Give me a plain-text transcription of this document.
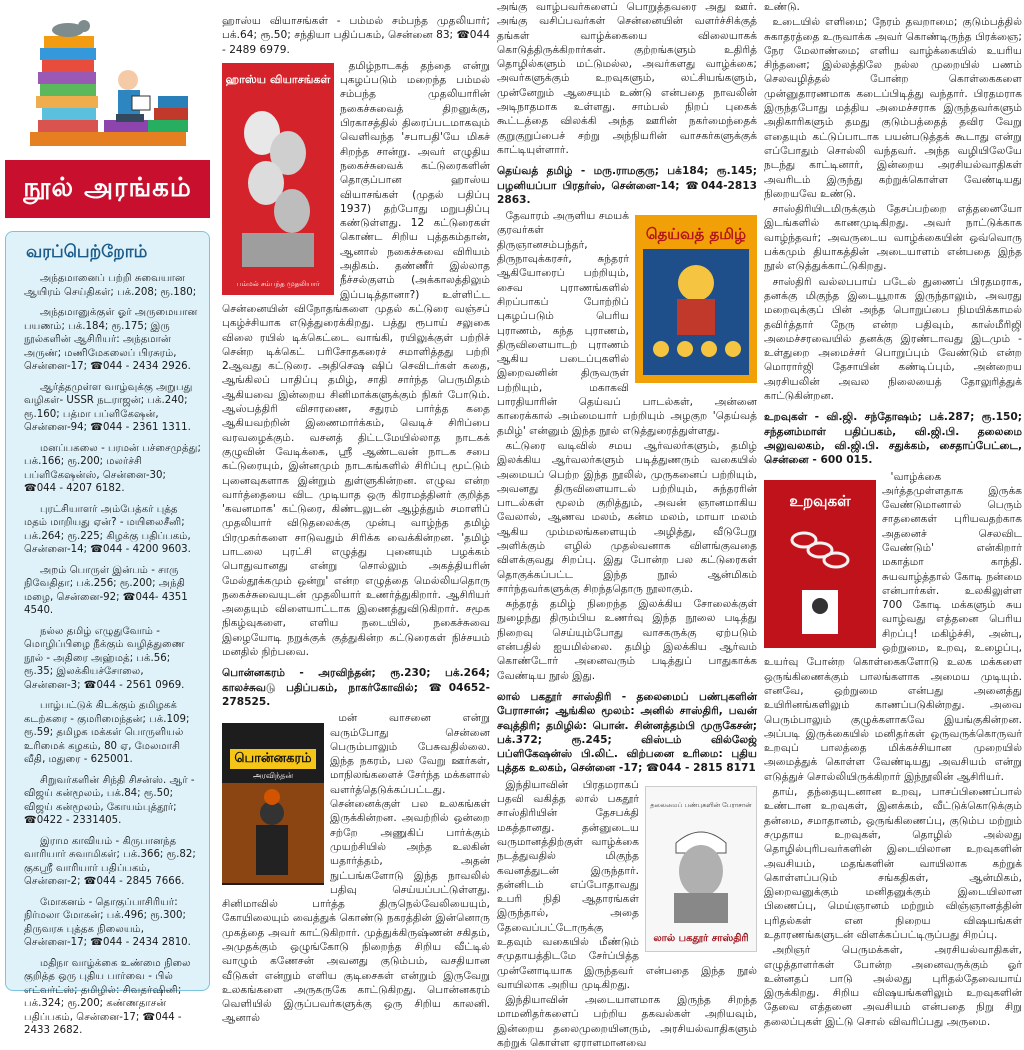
நூல் அரங்கம்
வரப்பெற்றோம்
அந்தமானைப் பற்றி சுவையான ஆயிரம் செய்திகள்; பக்.208; ரூ.180;
அந்தமானுக்குள் ஓர் அருமையான பயணம்; பக்.184; ரூ.175; இரு நூல்களின் ஆசிரியர்: அந்தமான் அருண்; மணிமேகலைப் பிரசுரம், சென்னை-17; ☎044 - 2434 2926.
ஆர்த்தமுள்ள வாழ்வுக்கு அறுபது வழிகள்- USSR நடராஜன்; பக்.240; ரூ.160; பத்மா பப்ளிகேஷன், சென்னை-94; ☎044 - 2361 1311.
மனப்பகலை - பரமன் பச்சைமுத்து; பக்.166; ரூ.200; மலர்ச்சி பப்ளிகேஷன்ஸ், சென்னை-30; ☎044 - 4207 6182.
புரட்சியாளர் அம்பேத்கர் புத்த மதம் மாறியது ஏன்? - மயிலைசீனி; பக்.264; ரூ.225; கிழக்கு பதிப்பகம், சென்னை-14; ☎044 - 4200 9603.
அறம் பொருள் இன்பம் - சாரு நிவேதிதா; பக்.256; ரூ.200; அந்தி மழை, சென்னை-92; ☎044- 4351 4540.
நல்ல தமிழ் எழுதுவோம் - மொழிப்பிழை நீக்கும் வழித்துணை நூல் - அதிரை அஹ்மத்; பக்.56; ரூ.35; இலக்கியச்சோலை, சென்னை-3; ☎044 - 2561 0969.
பாழ்பட்டுக் கிடக்கும் தமிழகக் கடற்கரை - குமரிமைந்தன்; பக்.109; ரூ.59; தமிழக மக்கள் பொருளியல் உரிமைக் கழகம், 80 ஏ, மேலமாசி வீதி, மதுரை - 625001.
சிறுவர்களின் சிந்தி சிசன்ஸ். ஆர் - விஜய் கன்மூலம், பக்.84; ரூ.50; விஜய் கன்மூலம், கோயம்புத்தூர்; ☎0422 - 2331405.
இராம காவியம் - கிருபானந்த வாரியார் சுவாமிகள்; பக்.366; ரூ.82; குகஸ்ரீ வாரியார் பதிப்பகம், சென்னை-2; ☎044 - 2845 7666.
மோகனம் - தொகுப்பாசிரியர்: நிர்மலா மோகன்; பக்.496; ரூ.300; திருவரசு புத்தக நிலையம், சென்னை-17; ☎044 - 2434 2810.
மதிநா வாழ்க்கை உண்மை நிலை குறித்த ஒரு புதிய பார்வை - பில் எட்வர்ட்ஸ்; தமிழில்: சிவதர்ஷினி; பக்.324; ரூ.200; கண்ணதாசன் பதிப்பகம், சென்னை-17; ☎044 - 2433 2682.
ஹாஸ்ய வியாசங்கள் - பம்மல் சம்பந்த முதலியார்; பக்.64; ரூ.50; சந்தியா பதிப்பகம், சென்னை 83; ☎044 - 2489 6979.
ஹாஸ்ய வியாசங்கள்
பம்மல் சம்பந்த முதலியார்
தமிழ்நாடகத் தந்தை என்று புகழப்படும் மறைந்த பம்மல் சம்பந்த முதலியாரின் நகைச்சுவைத் திறனுக்கு, பிரகாசத்தில் திரைப்படமாகவும் வெளிவந்த 'சபாபதி'யே மிகச் சிறந்த சான்று. அவர் எழுதிய நகைச்சுவைக் கட்டுரைகளின் தொகுப்பான ஹாஸ்ய வியாசங்கள் (முதல் பதிப்பு 1937) தற்போது மறுபதிப்பு கண்டுள்ளது. 12 கட்டுரைகள் கொண்ட சிறிய புத்தகம்தான், ஆனால் நகைச்சுவை விரியம் அதிகம். தண்ணீர் இல்லாத நீச்சல்குளம் (அக்காலத்திலும் இப்படித்தானா?) உள்ளிட்ட சென்னையின் விநோதங்களை முதல் கட்டுரை வஞ்சப் புகழ்ச்சியாக எடுத்துரைக்கிறது. பத்து ரூபாய் சலுகை விலை ரயில் டிக்கெட்டை வாங்கி, ரயிலுக்குள் பற்றிச் சென்ற டிக்கெட் பரிசோதகரைச் சமாளித்தது பற்றி 2ஆவது கட்டுரை. அதிசெஷ ஷிப் செவிடர்கள் கதை, ஆங்கிலப் பாதிப்பு தமிழ், சாதி சார்ந்த பெருமிதம் ஆகியவை இன்றைய சினிமாக்களுக்கும் நிகர் போடும். ஆஸ்பத்திரி விசாரணை, சதுரம் பார்த்த கதை ஆகியவற்றின் இணைமார்க்கம், வெடிச் சிரிப்பை வரவழைக்கும். வசனத் திட்டமேயில்லாத நாடகக் குழுவின் வேடிக்கை, ஸ்ரீ ஆண்டவன் நாடக சபை கட்டுரையும், இன்னமும் நாடகங்களில் சிரிப்பு மூட்டும் புனைவுகளாக இன்றும் துள்ளுகின்றன. எழுவ என்ற வார்த்தையை விட முடியாத ஒரு கிராமத்தினர் குறித்த 'கவனமாக' கட்டுரை, கிண்டலுடன் ஆழ்த்தும் சமாளிப் முதலியார் விடுதலைக்கு முன்பு வாழ்ந்த தமிழ் பிரமுகர்களை சாடுவதும் சிரிக்க வைக்கின்றன. 'தமிழ் பாடலை புரட்சி எழுத்து புனையும் பழக்கம் பொதுவானது என்று சொல்லும் அகத்தியரின் மேல்தூக்கமும் ஒன்று' என்ற எழுத்தை மெல்லியதொரு நகைச்சுவையுடன் முதலியார் உணர்த்துகிறார். ஆசிரியர் அதையும் விளையாட்டாக இணைத்துவிடுகிறார். சமூக நிகழ்வுகளை, எளிய நடையில், நகைச்சுவை இழையோடி நறுக்குக் குத்துகின்ற கட்டுரைகள் நிச்சயம் மனதில் நிற்பவை.
பொன்னகரம் - அரவிந்தன்; ரூ.230; பக்.264; காலச்சுவடு பதிப்பகம், நாகர்கோவில்; ☎04652-278525.
பொன்னகரம்
அரவிந்தன்
மன் வாசனை என்று வரும்போது சென்னை பெரும்பாலும் பேசுவதில்லை. இந்த நகரம், பல வேறு ஊர்கள், மாநிலங்களைச் சேர்ந்த மக்களால் வளர்த்தெடுக்கப்பட்டது. சென்னைக்குள் பல உலகங்கள் இருக்கின்றன. அவற்றில் ஒன்றை சற்றே அணுகிப் பார்க்கும் முயற்சியில் அந்த உலகின் யதார்த்தம், அதன் நுட்பங்களோடு இந்த நாவலில் பதிவு செய்யப்பட்டுள்ளது. சினிமாவில் பார்த்த திருநெல்வேலியையும், கோயிலையும் வைத்துக் கொண்டு நகரத்தின் இன்னொரு முகத்தை அவர் காட்டுகிறார். முத்துக்கிருஷ்ணன் சகிதம், அமுதக்கும் ஒழுங்கோடு நிறைந்த சிறிய வீட்டில் வாழும் கணேசன் அவனது குடும்பம், வசதியான வீடுகள் என்றும் எளிய குடிசைகள் என்றும் இருவேறு உலகங்களை அருகருகே காட்டுகிறது. பொன்னகரம் வெளியில் இருப்பவர்களுக்கு ஒரு சிறிய காலனி. ஆனால்
அங்கு வாழ்பவர்களைப் பொறுத்தவரை அது ஊர். அங்கு வசிப்பவர்கள் சென்னையின் வளர்ச்சிக்குத் தங்கள் வாழ்க்கையை விலையாகக் கொடுத்திருக்கிறார்கள். குற்றங்களும் உதிரித் தொழில்களும் மட்டுமல்ல, அவர்களது வாழ்க்கை; அவர்களுக்கும் உறவுகளும், லட்சியங்களும், முன்னேறும் ஆசையும் உண்டு என்பதை நாவலின் அடிநாதமாக உள்ளது. சாம்பல் நிறப் புகைக் கூட்டத்தை விலக்கி அந்த ஊரின் நகர்மைந்தைக் குறுகுறுப்பைச் சற்று அந்நியரின் வாசகர்களுக்குக் காட்டியுள்ளார்.
தெய்வத் தமிழ் - மரு.ராமகுரு; பக்184; ரூ.145; பழனியப்பா பிரதர்ஸ், சென்னை-14; ☎044-2813 2863.
தெய்வத் தமிழ்
தேவாரம் அருளிய சமயக் குரவர்கள் திருஞானசம்பந்தர், திருநாவுக்கரசர், சுந்தரர் ஆகியோரைப் பற்றியும், சைவ புராணங்களில் சிறப்பாகப் போற்றிப் புகழப்படும் பெரிய புராணம், கந்த புராணம், திருவிளையாடற் புராணம் ஆகிய படைப்புகளில் இறைவனின் திருவருள் பற்றியும், மகாகவி பாரதியாரின் தெய்வப் பாடல்கள், அன்னை காரைக்கால் அம்மையார் பற்றியும் அழகுற 'தெய்வத் தமிழ்' என்னும் இந்த நூல் எடுத்துரைத்துள்ளது.
கட்டுரை வடிவில் சமய ஆர்வலர்களும், தமிழ் இலக்கிய ஆர்வலர்களும் படித்துணரும் வகையில் அமையப் பெற்ற இந்த நூலில், முருகனைப் பற்றியும், அவனது திருவிளையாடல் பற்றியும், சுந்தரரின் பாடல்கள் மூலம் குறித்தும், அவன் ஞானமாகிய வேலால், ஆணவ மலம், கன்ம மலம், மாயா மலம் ஆகிய மும்மலங்களையும் அழித்து, வீடுபேறு அளிக்கும் எழில் முதல்வனாக விளங்குவதை விளக்குவது சிறப்பு. இது போன்ற பல கட்டுரைகள் தொகுக்கப்பட்ட இந்த நூல் ஆன்மிகம் சார்ந்தவர்களுக்கு சிறந்ததொரு நூலாகும்.
சுந்தரத் தமிழ் நிறைந்த இலக்கிய சோலைக்குள் நுழைந்து திரும்பிய உணர்வு இந்த நூலை படித்து நிறைவு செய்யும்போது வாசகருக்கு ஏற்படும் என்பதில் ஐயமில்லை. தமிழ் இலக்கிய ஆர்வம் கொண்டோர் அனைவரும் படித்துப் பாதுகாக்க வேண்டிய நூல் இது.
லால் பகதூர் சாஸ்திரி - தலைமைப் பண்புகளின் பேராசான்; ஆங்கில மூலம்: அனில் சாஸ்திரி, பவன் சவுத்திரி; தமிழில்: பொன். சின்னத்தம்பி முருகேசன்; பக்.372; ரூ.245; விஸ்டம் வில்லேஜ் பப்ளிகேஷன்ஸ் பி.லிட். விற்பனை உரிமை: புதிய புத்தக உலகம், சென்னை -17; ☎044 - 2815 8171
தலைமைப் பண்புகளின் பேராசான்
லால் பகதூர் சாஸ்திரி
இந்தியாவின் பிரதமராகப் பதவி வகித்த லால் பகதூர் சாஸ்திரியின் தேசபக்தி மகத்தானது. தன்னுடைய வருமானத்திற்குள் வாழ்க்கை நடத்துவதில் மிகுந்த கவனத்துடன் இருந்தார். தன்னிடம் எப்போதாவது உபரி நிதி ஆதாரங்கள் இருந்தால், அதை தேவைப்பட்டோருக்கு உதவும் வகையில் மீண்டும் சமுதாயத்திடமே சேர்ப்பித்த முன்னோடியாக இருந்தவர் என்பதை இந்த நூல் வாயிலாக அறிய முடிகிறது.
இந்தியாவின் அடையாளமாக இருந்த சிறந்த மாமனிதர்களைப் பற்றிய தகவல்கள் அறியவும், இன்றைய தலைமுறையினரும், அரசியல்வாதிகளும் கற்றுக் கொள்ள ஏராளமானவை
உண்டு.
உடையில் எளிமை; நேரம் தவறாமை; குடும்பத்தில் சுகாதரத்தை உருவாக்க அவர் கொண்டிருந்த பிரக்ஞை; நேர மேலாண்மை; எளிய வாழ்க்கையில் உயரிய சிந்தனை; இல்லத்திலே நல்ல முறையில் பணம் செலவழித்தல் போன்ற கொள்கைகளை முன்னுதாரணமாக கடைப்பிடித்து வந்தார். பிரதமராக இருந்தபோது மத்திய அமைச்சராக இருந்தவர்களும் அதிகாரிகளும் தமது குடும்பத்தைத் தவிர வேறு எதையும் கட்டுப்பாடாக பயன்படுத்தக் கூடாது என்று எப்போதும் சொல்லி வந்தவர். அந்த வழியிலேயே நடந்து காட்டினார், இன்றைய அரசியல்வாதிகள் அவரிடம் இருந்து கற்றுக்கொள்ள வேண்டியது நிறையவே உண்டு.
சாஸ்திரியிடமிருக்கும் தேசப்பற்றை எத்தனையோ இடங்களில் காணமுடிகிறது. அவர் நாட்டுக்காக வாழ்ந்தவர்; அவருடைய வாழ்க்கையின் ஒவ்வொரு பக்கமும் தியாகத்தின் அடையாளம் என்பதை இந்த நூல் எடுத்துக்காட்டுகிறது.
சாஸ்திரி வல்லபபாய் படேல் துணைப் பிரதமராக, தனக்கு மிகுந்த இடையூறாக இருந்தாலும், அவரது மறைவுக்குப் பின் அந்த பொறுப்பை நிமயிக்காமல் தவிர்த்தார் நேரு என்ற பதிவும், காஸ்மீரிஜி அமைச்சரவையில் தனக்கு இரண்டாவது இடமும் - உள்துறை அமைச்சர் பொறுப்பும் வேண்டும் என்ற மொரார்ஜி தேசாயின் கண்டிப்பும், அன்றைய அரசியலின் அவல நிலையைத் தோலுரித்துக் காட்டுகின்றன.
உறவுகள் - வி.ஜி. சந்தோஷம்; பக்.287; ரூ.150; சந்தனம்மாள் பதிப்பகம், வி.ஜி.பி. தலைமை அலுவலகம், வி.ஜி.பி. சதுக்கம், சைதாப்பேட்டை, சென்னை - 600 015.
உறவுகள்
'வாழ்க்கை அர்த்தமுள்ளதாக இருக்க வேண்டுமானால் பெரும் சாதனைகள் புரியவதற்காக அதனைச் செலவிட வேண்டும்' என்கிறார் மகாத்மா காந்தி. சுயவாழ்த்தால் கோடி நன்மை என்பார்கள். உலகிலுள்ள 700 கோடி மக்களும் சுய வாழ்வது எத்தனை பெரிய சிறப்பு! மகிழ்ச்சி, அன்பு, ஒற்றுமை, உறவு, உழைப்பு, உயர்வு போன்ற கொள்கைகளோடு உலக மக்களை ஒருங்கிணைக்கும் பாலங்களாக அமைய முடியும். எனவே, ஒற்றுமை என்பது அனைத்து உயிரினங்களிலும் காணப்படுகின்றது. அவை பெரும்பாலும் குழுக்களாகவே இயங்குகின்றன. அப்படி இருக்கையில் மனிதர்கள் ஒருவருக்கொருவர் உறவுப் பாலத்தை மிக்கச்சியான முறையில் அமைத்துக் கொள்ள வேண்டியது அவசியம் என்று எடுத்துச் சொல்லியிருக்கிறார் இந்நூலின் ஆசிரியர்.
தாய், தந்தையுடனான உறவு, பாசப்பிணைப்பால் உண்டான உறவுகள், இனக்கம், வீட்டுக்கொடுக்கும் தன்மை, சமாதானம், ஒருங்கிணைப்பு, குடும்ப மற்றும் சமுதாய உறவுகள், தொழில் அல்லது தொழில்புரிபவர்களின் இடையிலான உறவுகளின் அவசியம், மதங்களின் வாயிலாக கற்றுக் கொள்ளப்படும் சங்கதிகள், ஆன்மிகம், இறைவனுக்கும் மனிதனுக்கும் இடையிலான பிணைப்பு, மெய்ஞானம் மற்றும் விஞ்ஞானத்தின் புரிதல்கள் என நிறைய விஷயங்கள் உதாரணங்களுடன் விளக்கப்பட்டிருப்பது சிறப்பு.
அறிஞர் பெருமக்கள், அரசியல்வாதிகள், எழுத்தாளர்கள் போன்ற அனைவருக்கும் ஓர் உன்னதப் பாடு அல்லது புரிதல்தேவையாய் இருக்கிறது. சிறிய விஷயங்களிலும் உறவுகளின் தேவை எத்தனை அவசியம் என்பதை நிறு சிறு தலைப்புகள் இட்டு சொல் விவரிப்பது அருமை.
